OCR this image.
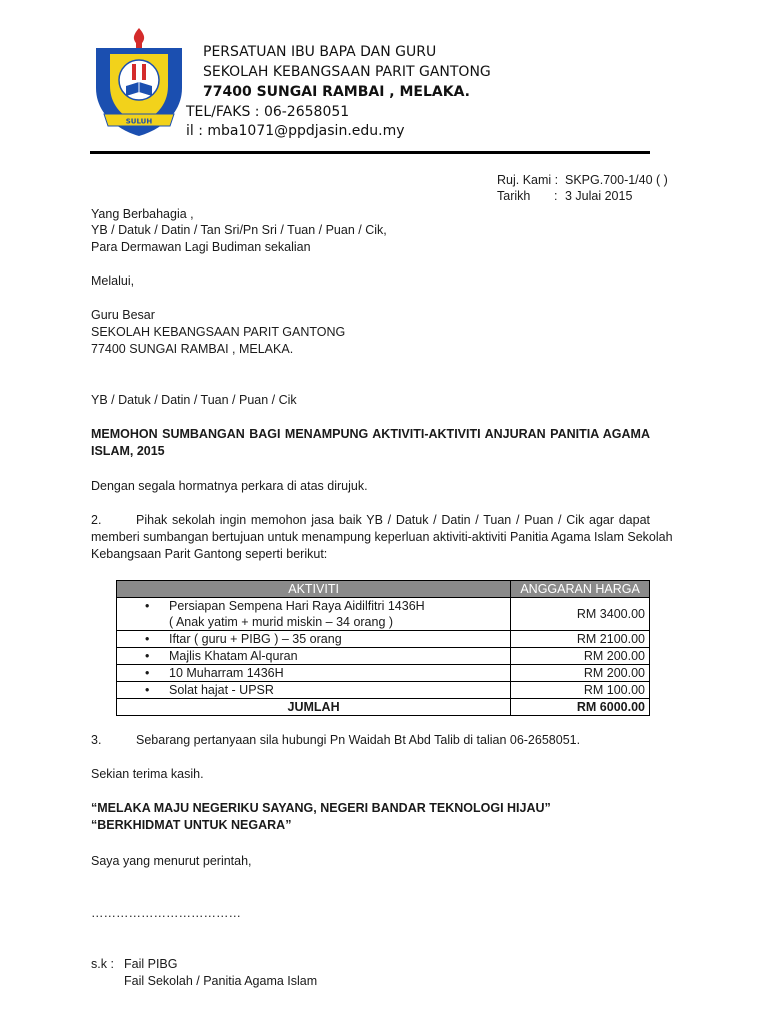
SULUH
PERSATUAN IBU BAPA DAN GURU
SEKOLAH KEBANGSAAN PARIT GANTONG
77400 SUNGAI RAMBAI , MELAKA.
TEL/FAKS : 06-2658051
il : mba1071@ppdjasin.edu.my
Ruj. Kami : SKPG.700-1/40 ( )
Tarikh : 3 Julai 2015
Yang Berbahagia ,
YB / Datuk / Datin / Tan Sri/Pn Sri / Tuan / Puan / Cik,
Para Dermawan Lagi Budiman sekalian
Melalui,
Guru Besar
SEKOLAH KEBANGSAAN PARIT GANTONG
77400 SUNGAI RAMBAI , MELAKA.
YB / Datuk / Datin / Tuan / Puan / Cik
MEMOHON SUMBANGAN BAGI MENAMPUNG AKTIVITI-AKTIVITI ANJURAN PANITIA AGAMA
ISLAM, 2015
Dengan segala hormatnya perkara di atas dirujuk.
2.	Pihak sekolah ingin memohon jasa baik YB / Datuk / Datin / Tuan / Puan / Cik agar dapat
memberi sumbangan bertujuan untuk menampung keperluan aktiviti-aktiviti Panitia Agama Islam Sekolah
Kebangsaan Parit Gantong seperti berikut:
AKTIVITI	ANGGARAN HARGA

• Persiapan Sempena Hari Raya Aidilfitri 1436H
( Anak yatim + murid miskin – 34 orang )	RM 3400.00
• Iftar ( guru + PIBG ) – 35 orang	RM 2100.00
• Majlis Khatam Al-quran	RM 200.00
• 10 Muharram 1436H	RM 200.00
• Solat hajat - UPSR	RM 100.00
JUMLAH	RM 6000.00
3.	Sebarang pertanyaan sila hubungi Pn Waidah Bt Abd Talib di talian 06-2658051.
Sekian terima kasih.
“MELAKA MAJU NEGERIKU SAYANG, NEGERI BANDAR TEKNOLOGI HIJAU”
“BERKHIDMAT UNTUK NEGARA”
Saya yang menurut perintah,
………………………………
s.k : Fail PIBG
Fail Sekolah / Panitia Agama Islam
